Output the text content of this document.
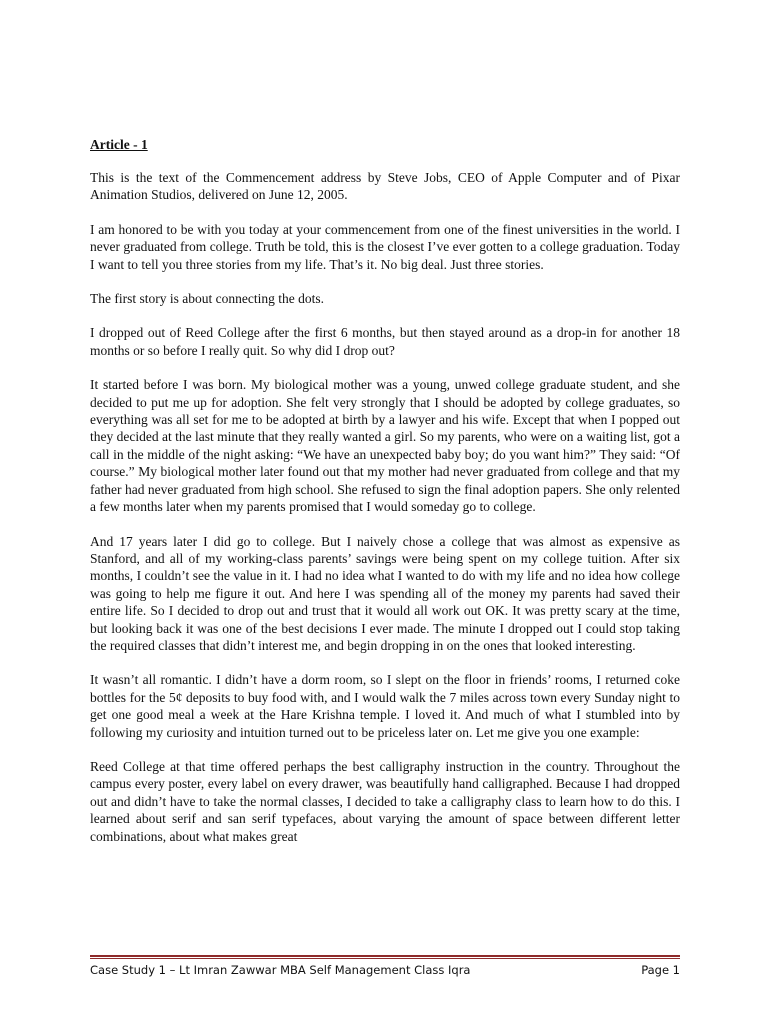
Article - 1

This is the text of the Commencement address by Steve Jobs, CEO of Apple Computer and of Pixar Animation Studios, delivered on June 12, 2005.

I am honored to be with you today at your commencement from one of the finest universities in the world. I never graduated from college. Truth be told, this is the closest I’ve ever gotten to a college graduation. Today I want to tell you three stories from my life. That’s it. No big deal. Just three stories.

The first story is about connecting the dots.

I dropped out of Reed College after the first 6 months, but then stayed around as a drop-in for another 18 months or so before I really quit. So why did I drop out?

It started before I was born. My biological mother was a young, unwed college graduate student, and she decided to put me up for adoption. She felt very strongly that I should be adopted by college graduates, so everything was all set for me to be adopted at birth by a lawyer and his wife. Except that when I popped out they decided at the last minute that they really wanted a girl. So my parents, who were on a waiting list, got a call in the middle of the night asking: “We have an unexpected baby boy; do you want him?” They said: “Of course.” My biological mother later found out that my mother had never graduated from college and that my father had never graduated from high school. She refused to sign the final adoption papers. She only relented a few months later when my parents promised that I would someday go to college.

And 17 years later I did go to college. But I naively chose a college that was almost as expensive as Stanford, and all of my working-class parents’ savings were being spent on my college tuition. After six months, I couldn’t see the value in it. I had no idea what I wanted to do with my life and no idea how college was going to help me figure it out. And here I was spending all of the money my parents had saved their entire life. So I decided to drop out and trust that it would all work out OK. It was pretty scary at the time, but looking back it was one of the best decisions I ever made. The minute I dropped out I could stop taking the required classes that didn’t interest me, and begin dropping in on the ones that looked interesting.

It wasn’t all romantic. I didn’t have a dorm room, so I slept on the floor in friends’ rooms, I returned coke bottles for the 5¢ deposits to buy food with, and I would walk the 7 miles across town every Sunday night to get one good meal a week at the Hare Krishna temple. I loved it. And much of what I stumbled into by following my curiosity and intuition turned out to be priceless later on. Let me give you one example:

Reed College at that time offered perhaps the best calligraphy instruction in the country. Throughout the campus every poster, every label on every drawer, was beautifully hand calligraphed. Because I had dropped out and didn’t have to take the normal classes, I decided to take a calligraphy class to learn how to do this. I learned about serif and san serif typefaces, about varying the amount of space between different letter combinations, about what makes great

Case Study 1 – Lt Imran Zawwar MBA Self Management Class Iqra	Page 1
